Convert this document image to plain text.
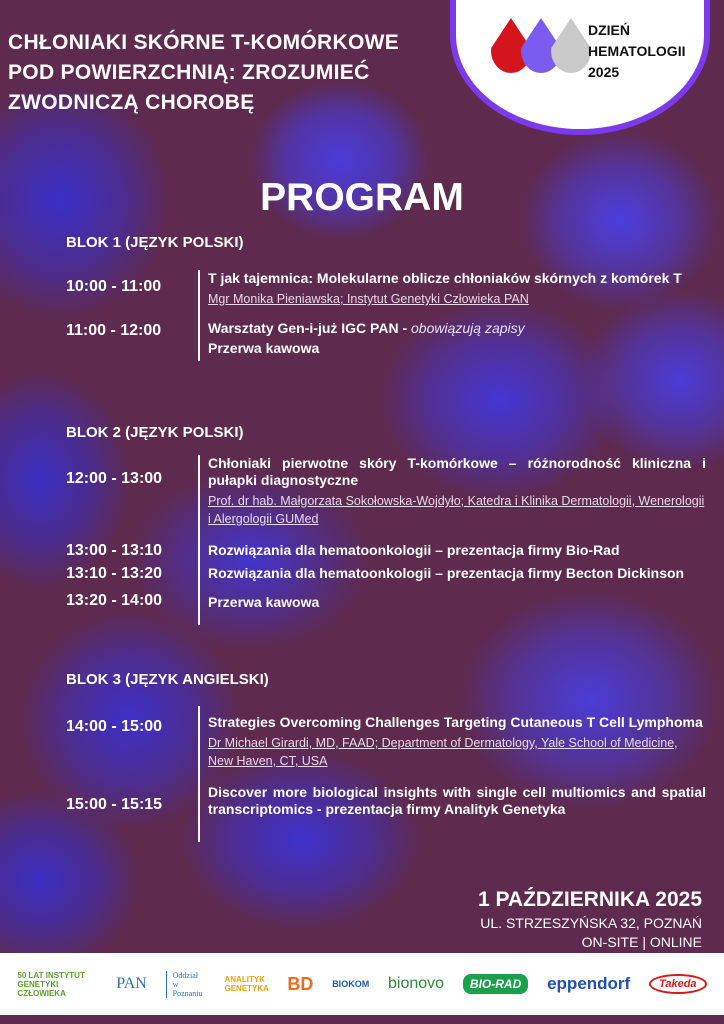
CHŁONIAKI SKÓRNE T-KOMÓRKOWE
POD POWIERZCHNIĄ: ZROZUMIEĆ
ZWODNICZĄ CHOROBĘ
DZIEŃ
HEMATOLOGII
2025
PROGRAM
BLOK 1 (JĘZYK POLSKI)
10:00 - 11:00	T jak tajemnica: Molekularne oblicze chłoniaków skórnych z komórek T
Mgr Monika Pieniawska; Instytut Genetyki Człowieka PAN
11:00 - 12:00	Warsztaty Gen-i-już IGC PAN - obowiązują zapisy
Przerwa kawowa
BLOK 2 (JĘZYK POLSKI)
12:00 - 13:00
Chłoniaki pierwotne skóry T-komórkowe – różnorodność kliniczna i pułapki diagnostyczne
Prof. dr hab. Małgorzata Sokołowska-Wojdyło; Katedra i Klinika Dermatologii, Wenerologii i Alergologii GUMed
13:00 - 13:10	Rozwiązania dla hematoonkologii – prezentacja firmy Bio-Rad
13:10 - 13:20	Rozwiązania dla hematoonkologii – prezentacja firmy Becton Dickinson
13:20 - 14:00	Przerwa kawowa
BLOK 3 (JĘZYK ANGIELSKI)
14:00 - 15:00	Strategies Overcoming Challenges Targeting Cutaneous T Cell Lymphoma
Dr Michael Girardi, MD, FAAD; Department of Dermatology, Yale School of Medicine, New Haven, CT, USA
15:00 - 15:15
Discover more biological insights with single cell multiomics and spatial transcriptomics - prezentacja firmy Analityk Genetyka
1 PAŹDZIERNIKA 2025
UL. STRZESZYŃSKA 32, POZNAŃ
ON-SITE | ONLINE
50 LAT INSTYTUT GENETYKI CZŁOWIEKA
PAN	Oddział w Poznaniu
ANALITYK GENETYKA BD BIOKOM bionovo	BIO-RAD	eppendorf	Takeda
